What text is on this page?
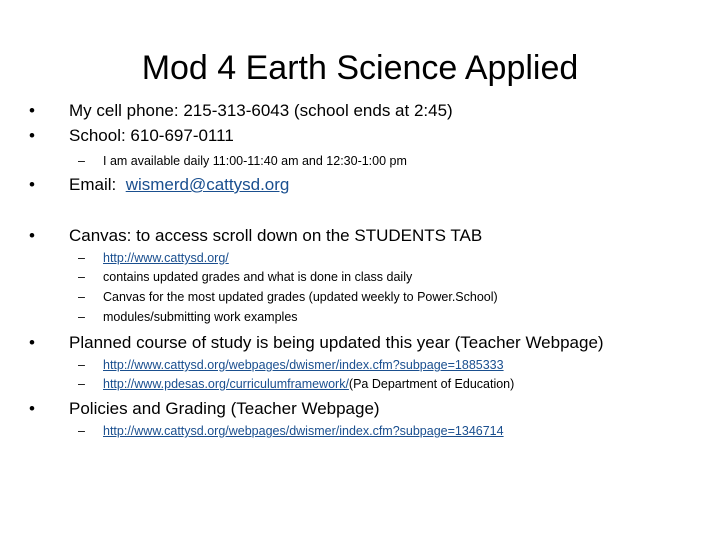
Mod 4 Earth Science Applied
• My cell phone: 215-313-6043 (school ends at 2:45)
• School: 610-697-0111
– I am available daily 11:00-11:40 am and 12:30-1:00 pm
• Email:  wismerd@cattysd.org
• Canvas: to access scroll down on the STUDENTS TAB
– http://www.cattysd.org/
– contains updated grades and what is done in class daily
– Canvas for the most updated grades (updated weekly to Power.School)
– modules/submitting work examples
• Planned course of study is being updated this year (Teacher Webpage)
– http://www.cattysd.org/webpages/dwismer/index.cfm?subpage=1885333
– http://www.pdesas.org/curriculumframework/(Pa Department of Education)
• Policies and Grading (Teacher Webpage)
– http://www.cattysd.org/webpages/dwismer/index.cfm?subpage=1346714
